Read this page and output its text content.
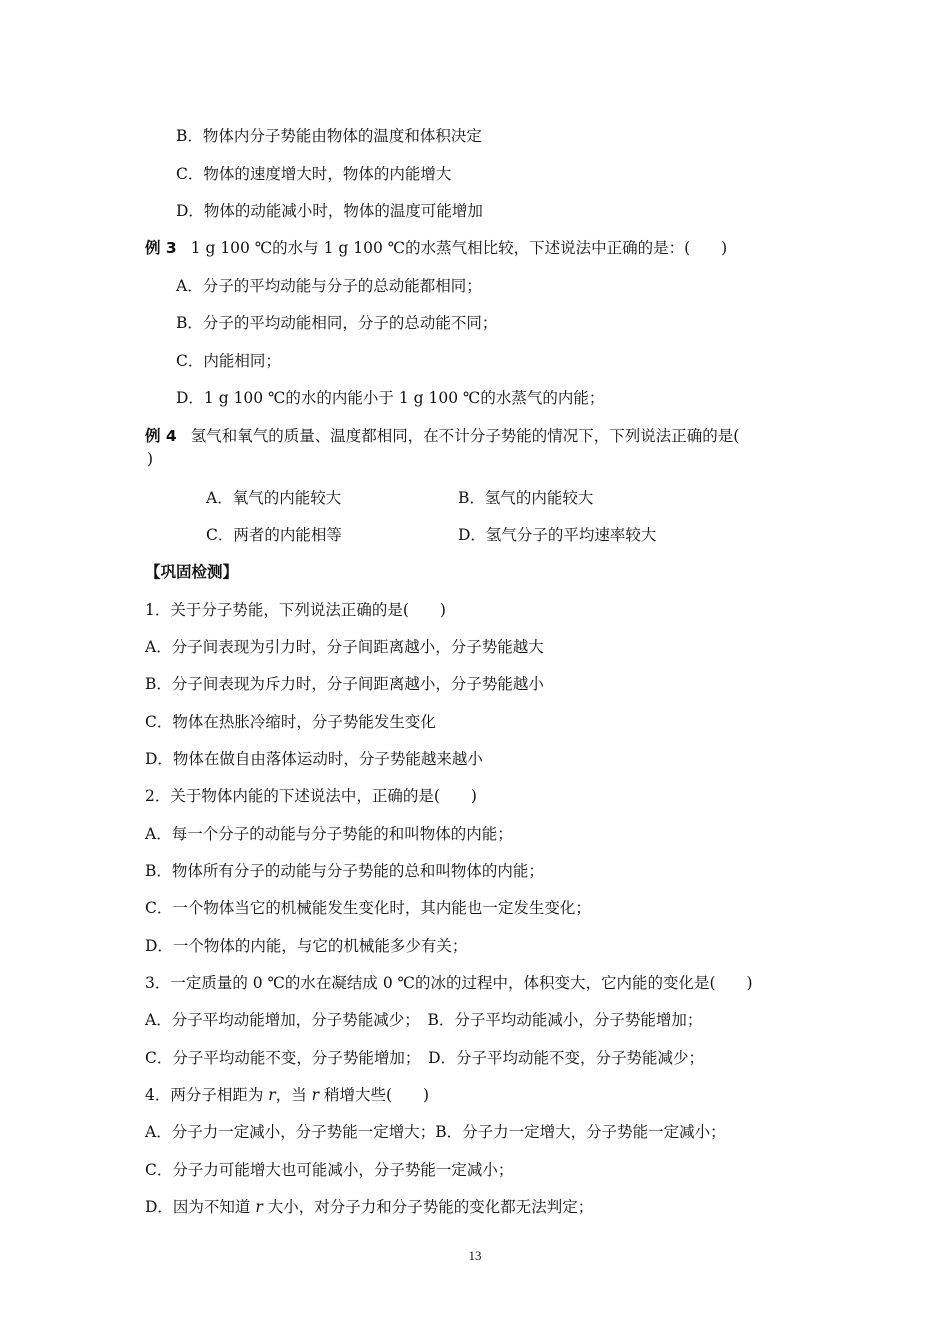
B．物体内分子势能由物体的温度和体积决定
C．物体的速度增大时，物体的内能增大
D．物体的动能减小时，物体的温度可能增加
例 3 1 g 100 ℃的水与 1 g 100 ℃的水蒸气相比较，下述说法中正确的是：(　　)
A．分子的平均动能与分子的总动能都相同；
B．分子的平均动能相同，分子的总动能不同；
C．内能相同；
D．1 g 100 ℃的水的内能小于 1 g 100 ℃的水蒸气的内能；
例 4 氢气和氧气的质量、温度都相同，在不计分子势能的情况下，下列说法正确的是(
)
A．氧气的内能较大	B．氢气的内能较大
C．两者的内能相等	D．氢气分子的平均速率较大
【巩固检测】
1．关于分子势能，下列说法正确的是(　　)
A．分子间表现为引力时，分子间距离越小，分子势能越大
B．分子间表现为斥力时，分子间距离越小，分子势能越小
C．物体在热胀冷缩时，分子势能发生变化
D．物体在做自由落体运动时，分子势能越来越小
2．关于物体内能的下述说法中，正确的是(　　)
A．每一个分子的动能与分子势能的和叫物体的内能；
B．物体所有分子的动能与分子势能的总和叫物体的内能；
C．一个物体当它的机械能发生变化时，其内能也一定发生变化；
D．一个物体的内能，与它的机械能多少有关；
3．一定质量的 0 ℃的水在凝结成 0 ℃的冰的过程中，体积变大，它内能的变化是(　　)
A．分子平均动能增加，分子势能减少；　B．分子平均动能减小，分子势能增加；
C．分子平均动能不变，分子势能增加；　D．分子平均动能不变，分子势能减少；
4．两分子相距为 r，当 r 稍增大些(　　)
A．分子力一定减小，分子势能一定增大；B．分子力一定增大，分子势能一定减小；
C．分子力可能增大也可能减小，分子势能一定减小；
D．因为不知道 r 大小，对分子力和分子势能的变化都无法判定；
13
